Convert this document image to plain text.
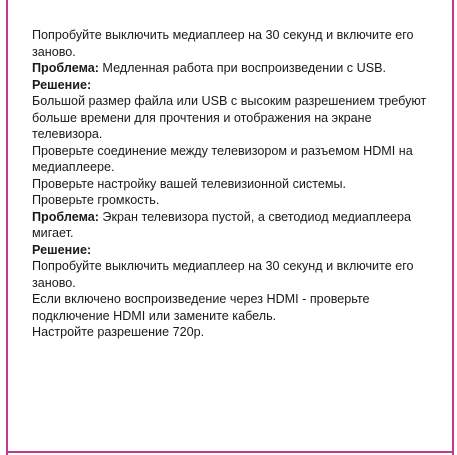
Попробуйте выключить медиаплеер на 30 секунд и включите его заново.

Проблема: Медленная работа при воспроизведении с USB.

Решение:

Большой размер файла или USB с высоким разрешением требуют больше времени для прочтения и отображения на экране телевизора.

Проверьте соединение между телевизором и разъемом HDMI на медиаплеере.

Проверьте настройку вашей телевизионной системы.

Проверьте громкость.

Проблема: Экран телевизора пустой, а светодиод медиаплеера мигает.

Решение:

Попробуйте выключить медиаплеер на 30 секунд и включите его заново.

Если включено воспроизведение через HDMI - проверьте подключение HDMI или замените кабель.

Настройте разрешение 720p.
